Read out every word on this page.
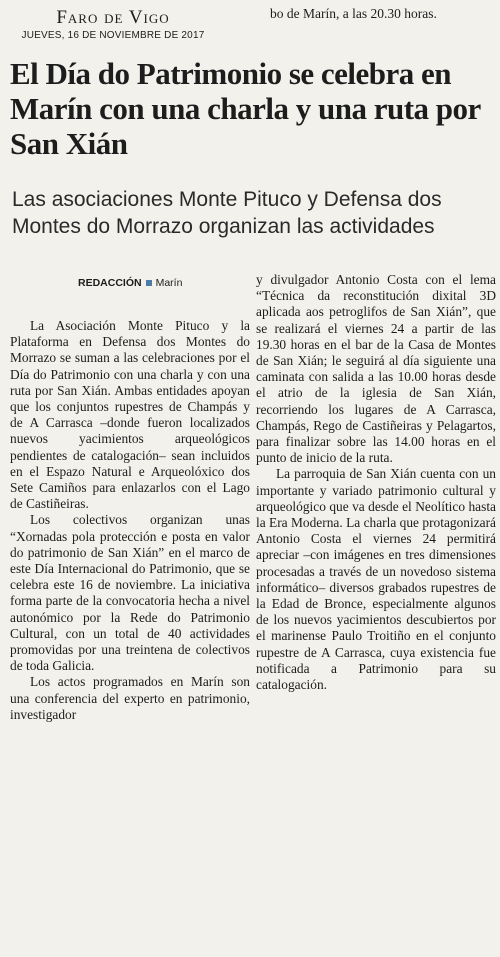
Faro de Vigo
JUEVES, 16 DE NOVIEMBRE DE 2017
bo de Marín, a las 20.30 horas.
El Día do Patrimonio se celebra en Marín con una charla y una ruta por San Xián
Las asociaciones Monte Pituco y Defensa dos Montes do Morrazo organizan las actividades
REDACCIÓN Marín

La Asociación Monte Pituco y la Plataforma en Defensa dos Montes do Morrazo se suman a las celebraciones por el Día do Patrimonio con una charla y con una ruta por San Xián. Ambas entidades apoyan que los conjuntos rupestres de Champás y de A Carrasca –donde fueron localizados nuevos yacimientos arqueológicos pendientes de catalogación– sean incluidos en el Espazo Natural e Arqueolóxico dos Sete Camiños para enlazarlos con el Lago de Castiñeiras.

Los colectivos organizan unas “Xornadas pola protección e posta en valor do patrimonio de San Xián” en el marco de este Día Internacional do Patrimonio, que se celebra este 16 de noviembre. La iniciativa forma parte de la convocatoria hecha a nivel autonómico por la Rede do Patrimonio Cultural, con un total de 40 actividades promovidas por una treintena de colectivos de toda Galicia.

Los actos programados en Marín son una conferencia del experto en patrimonio, investigador

y divulgador Antonio Costa con el lema “Técnica da reconstitución dixital 3D aplicada aos petroglifos de San Xián”, que se realizará el viernes 24 a partir de las 19.30 horas en el bar de la Casa de Montes de San Xián; le seguirá al día siguiente una caminata con salida a las 10.00 horas desde el atrio de la iglesia de San Xián, recorriendo los lugares de A Carrasca, Champás, Rego de Castiñeiras y Pelagartos, para finalizar sobre las 14.00 horas en el punto de inicio de la ruta.

La parroquia de San Xián cuenta con un importante y variado patrimonio cultural y arqueológico que va desde el Neolítico hasta la Era Moderna. La charla que protagonizará Antonio Costa el viernes 24 permitirá apreciar –con imágenes en tres dimensiones procesadas a través de un novedoso sistema informático– diversos grabados rupestres de la Edad de Bronce, especialmente algunos de los nuevos yacimientos descubiertos por el marinense Paulo Troitiño en el conjunto rupestre de A Carrasca, cuya existencia fue notificada a Patrimonio para su catalogación.
